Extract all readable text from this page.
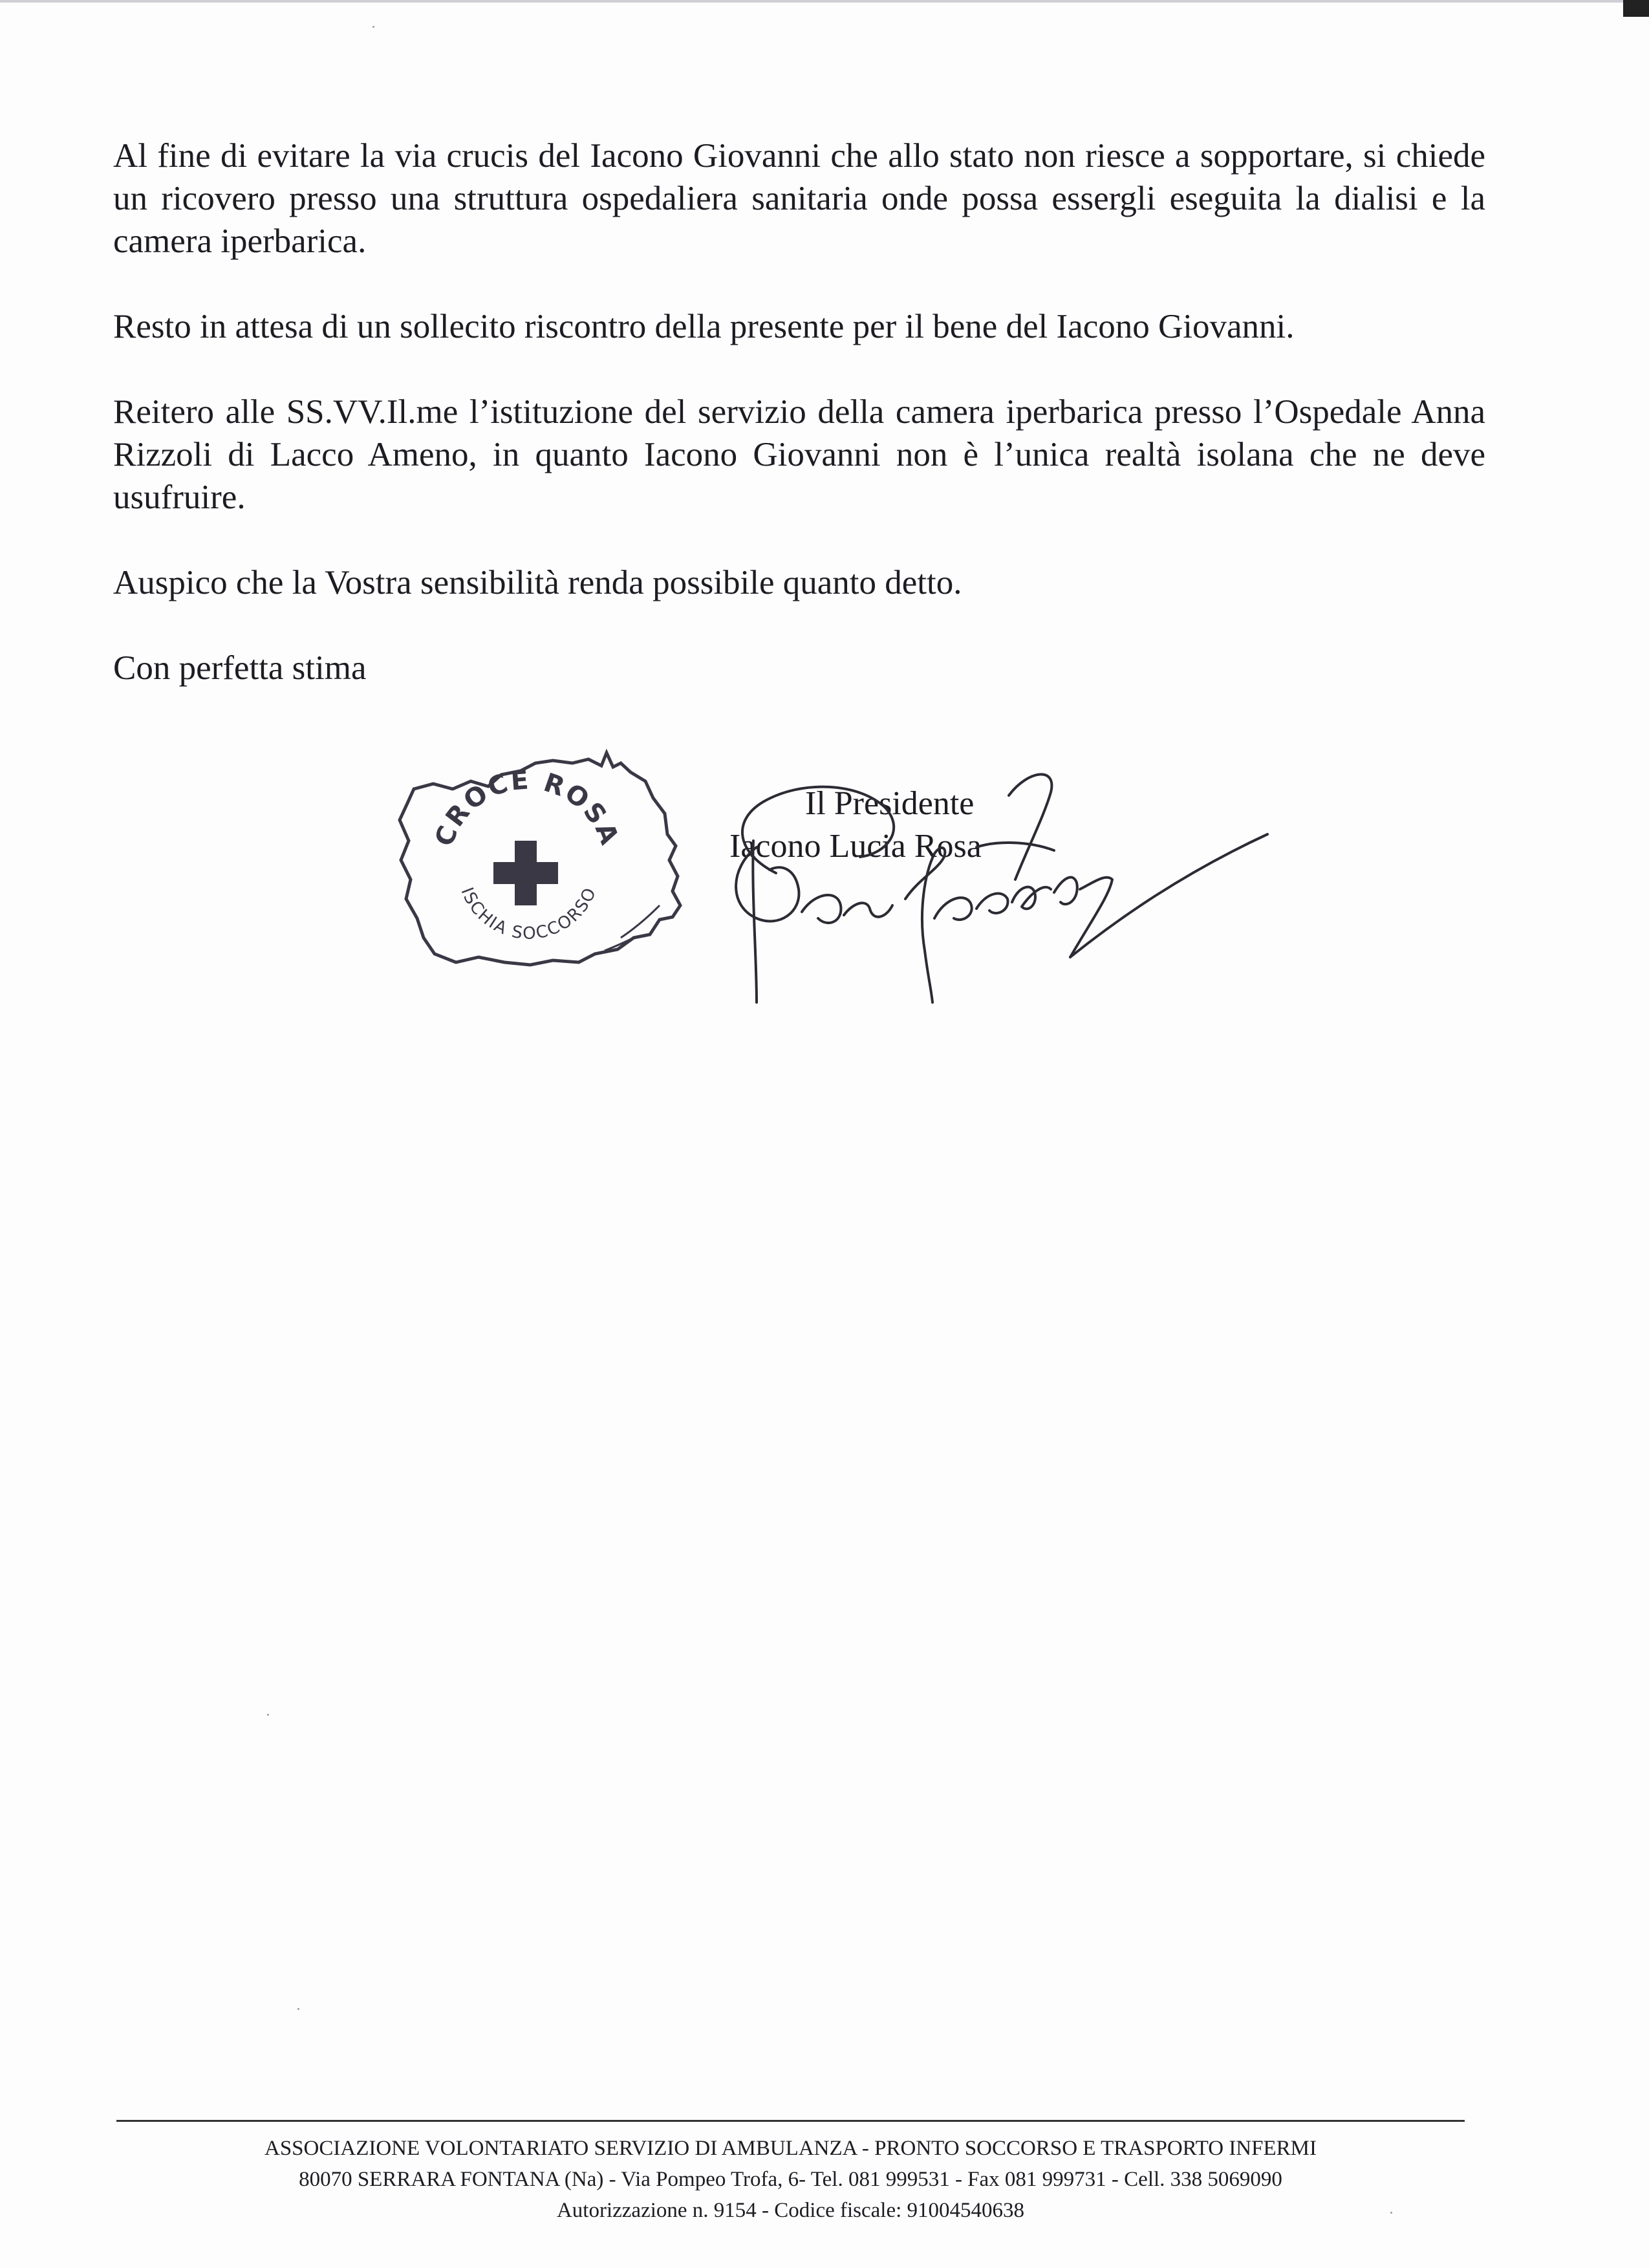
Al fine di evitare la via crucis del Iacono Giovanni che allo stato non riesce a sopportare, si chiede un ricovero presso una struttura ospedaliera sanitaria onde possa essergli eseguita la dialisi e la camera iperbarica.

Resto in attesa di un sollecito riscontro della presente per il bene del Iacono Giovanni.

Reitero alle SS.VV.Il.me l’istituzione del servizio della camera iperbarica presso l’Ospedale Anna Rizzoli di Lacco Ameno, in quanto Iacono Giovanni non è l’unica realtà isolana che ne deve usufruire.

Auspico che la Vostra sensibilità renda possibile quanto detto.

Con perfetta stima

CROCE ROSA
ISCHIA SOCCORSO
Il Presidente
Iacono Lucia Rosa
ASSOCIAZIONE VOLONTARIATO SERVIZIO DI AMBULANZA - PRONTO SOCCORSO E TRASPORTO INFERMI
80070 SERRARA FONTANA (Na) - Via Pompeo Trofa, 6- Tel. 081 999531 - Fax 081 999731 - Cell. 338 5069090
Autorizzazione n. 9154 - Codice fiscale: 91004540638
